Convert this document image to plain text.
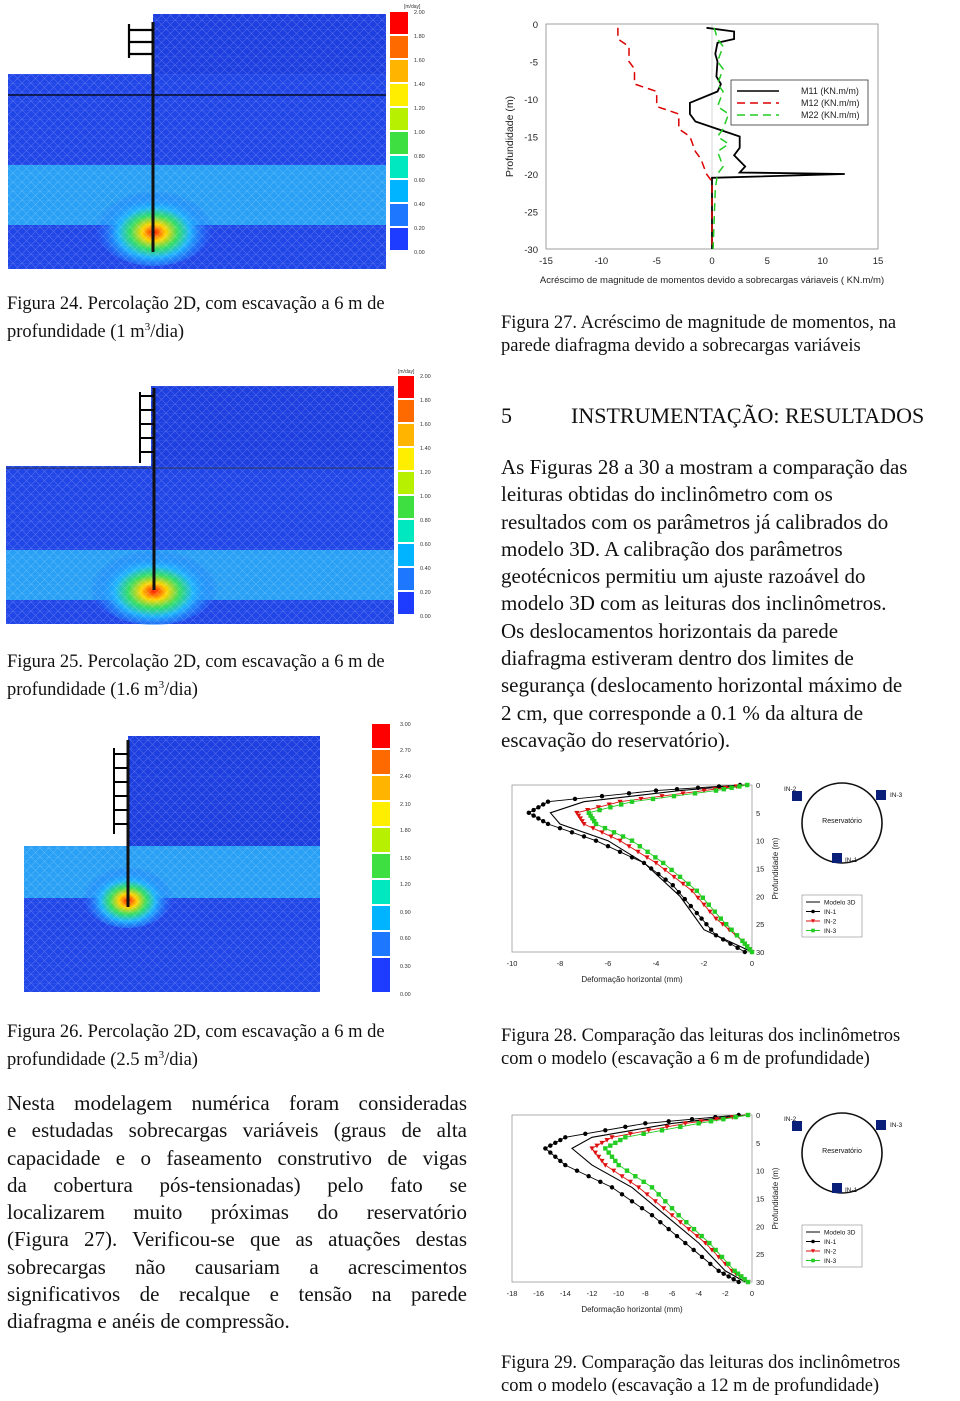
[m/day]
2.00
1.80
1.60
1.40
1.20
1.00
0.80
0.60
0.40
0.20
0.00
Figura 24. Percolação 2D, com escavação a 6 m de
profundidade (1 $m^3/dia$)
[m/day]
2.00
1.80
1.60
1.40
1.20
1.00
0.80
0.60
0.40
0.20
0.00
Figura 25. Percolação 2D, com escavação a 6 m de
profundidade (1.6 $m^3/dia$)
3.00
2.70
2.40
2.10
1.80
1.50
1.20
0.90
0.60
0.30
0.00
Figura 26. Percolação 2D, com escavação a 6 m de
profundidade (2.5 $m^3/dia$)
Nesta modelagem numérica foram consideradas
e estudadas sobrecargas variáveis (graus de alta
capacidade e o faseamento construtivo de vigas
da cobertura pós-tensionadas) pelo fato se
localizarem muito próximas do reservatório
(Figura 27). Verificou-se que as atuações destas
sobrecargas não causariam a acrescimentos
significativos de recalque e tensão na parede
diafragma e anéis de compressão.
0
-5
-10
-15
-20
-25
-30
-15	-10	-5	0	5	10	15
Profundidade (m)
Acréscimo de magnitude de momentos devido a sobrecargas váriaveis ( KN.m/m)
M11 (KN.m/m)
M12 (KN.m/m)
M22 (KN.m/m)
Figura 27. Acréscimo de magnitude de momentos, na
parede diafragma devido a sobrecargas variáveis
5	INSTRUMENTAÇÃO: RESULTADOS
As Figuras 28 a 30 a mostram a comparação das
leituras obtidas do inclinômetro com os
resultados com os parâmetros já calibrados do
modelo 3D. A calibração dos parâmetros
geotécnicos permitiu um ajuste razoável do
modelo 3D com as leituras dos inclinômetros.
Os deslocamentos horizontais da parede
diafragma estiveram dentro dos limites de
segurança (deslocamento horizontal máximo de
2 cm, que corresponde a 0.1 % da altura de
escavação do reservatório).
-10	-8	-6	-4	-2	0
0
5
10
15
20
25
30
Deformação horizontal (mm)
Profundidade (m)
Reservatório
IN-2
IN-3
IN-1
Modelo 3D
IN-1
IN-2
IN-3
Figura 28. Comparação das leituras dos inclinômetros
com o modelo (escavação a 6 m de profundidade)
-18 -16 -14 -12 -10 -8	-6	-4	-2	0
0
5
10
15
20
25
30
Deformação horizontal (mm)
Profundidade (m)
Reservatório
IN-2
IN-3
IN-1
Modelo 3D
IN-1
IN-2
IN-3
Figura 29. Comparação das leituras dos inclinômetros
com o modelo (escavação a 12 m de profundidade)
